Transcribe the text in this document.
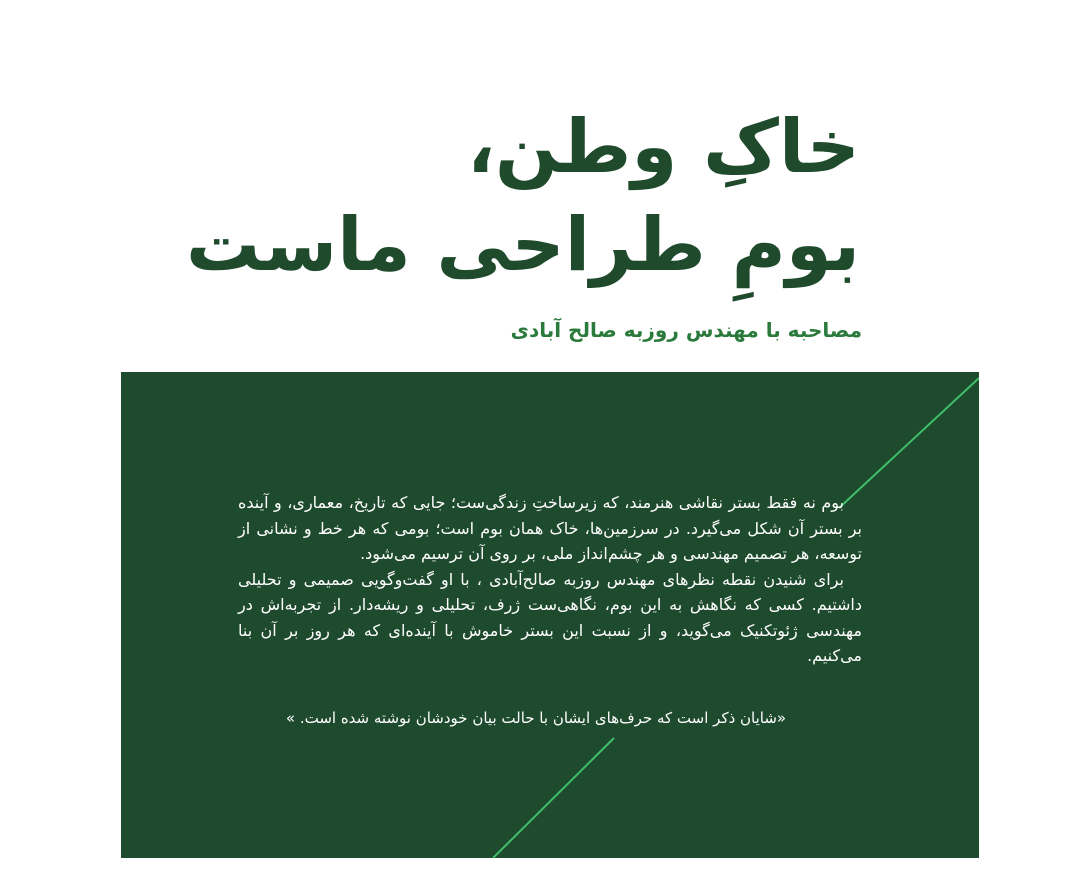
خاکِ وطن،
بومِ طراحی ماست
مصاحبه با مهندس روزبه صالح آبادی

بوم نه فقط بستر نقاشی هنرمند، که زیرساختِ زندگی‌ست؛ جایی که تاریخ، معماری، و آینده بر بستر آن شکل می‌گیرد. در سرزمین‌ها، خاک همان بوم است؛ بومی که هر خط و نشانی از توسعه، هر تصمیم مهندسی و هر چشم‌انداز ملی، بر روی آن ترسیم می‌شود.

برای شنیدن نقطه نظرهای مهندس روزبه صالح‌آبادی ، با او گفت‌وگویی صمیمی و تحلیلی داشتیم. کسی که نگاهش به این بوم، نگاهی‌ست ژرف، تحلیلی و ریشه‌دار. از تجربه‌اش در مهندسی ژئوتکنیک می‌گوید، و از نسبت این بستر خاموش با آینده‌ای که هر روز بر آن بنا می‌کنیم.

«شایان ذکر است که حرف‌های ایشان با حالت بیان خودشان نوشته شده است. »
